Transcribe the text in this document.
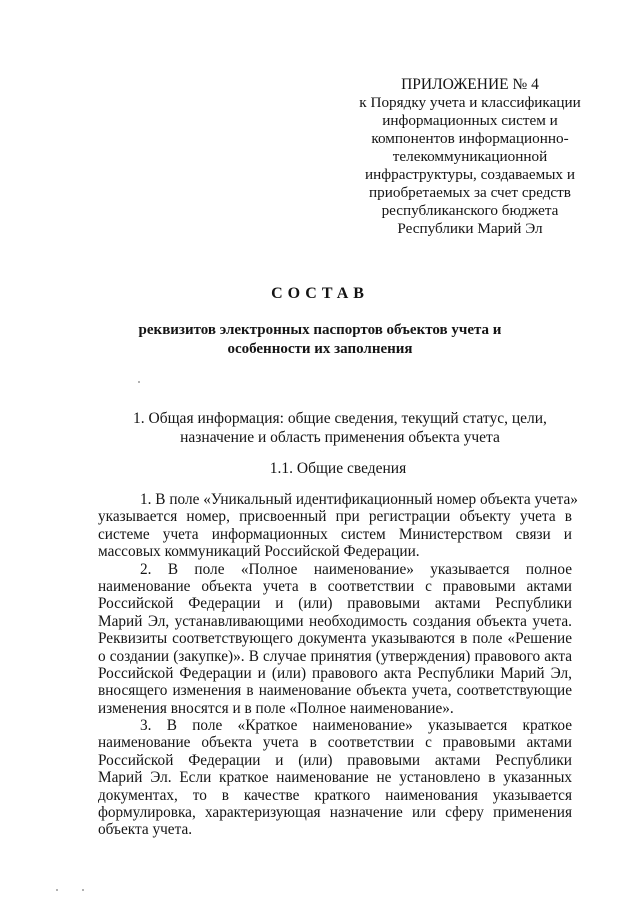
ПРИЛОЖЕНИЕ № 4
к Порядку учета и классификации
информационных систем и
компонентов информационно-
телекоммуникационной
инфраструктуры, создаваемых и
приобретаемых за счет средств
республиканского бюджета
Республики Марий Эл
СОСТАВ
реквизитов электронных паспортов объектов учета и
особенности их заполнения
1. Общая информация: общие сведения, текущий статус, цели,
назначение и область применения объекта учета
1.1. Общие сведения
1. В поле «Уникальный идентификационный номер объекта учета»
указывается номер, присвоенный при регистрации объекту учета в
системе учета информационных систем Министерством связи и
массовых коммуникаций Российской Федерации.
2. В поле «Полное наименование» указывается полное
наименование объекта учета в соответствии с правовыми актами
Российской Федерации и (или) правовыми актами Республики
Марий Эл, устанавливающими необходимость создания объекта учета.
Реквизиты соответствующего документа указываются в поле «Решение
о создании (закупке)». В случае принятия (утверждения) правового акта
Российской Федерации и (или) правового акта Республики Марий Эл,
вносящего изменения в наименование объекта учета, соответствующие
изменения вносятся и в поле «Полное наименование».
3. В поле «Краткое наименование» указывается краткое
наименование объекта учета в соответствии с правовыми актами
Российской Федерации и (или) правовыми актами Республики
Марий Эл. Если краткое наименование не установлено в указанных
документах, то в качестве краткого наименования указывается
формулировка, характеризующая назначение или сферу применения
объекта учета.
